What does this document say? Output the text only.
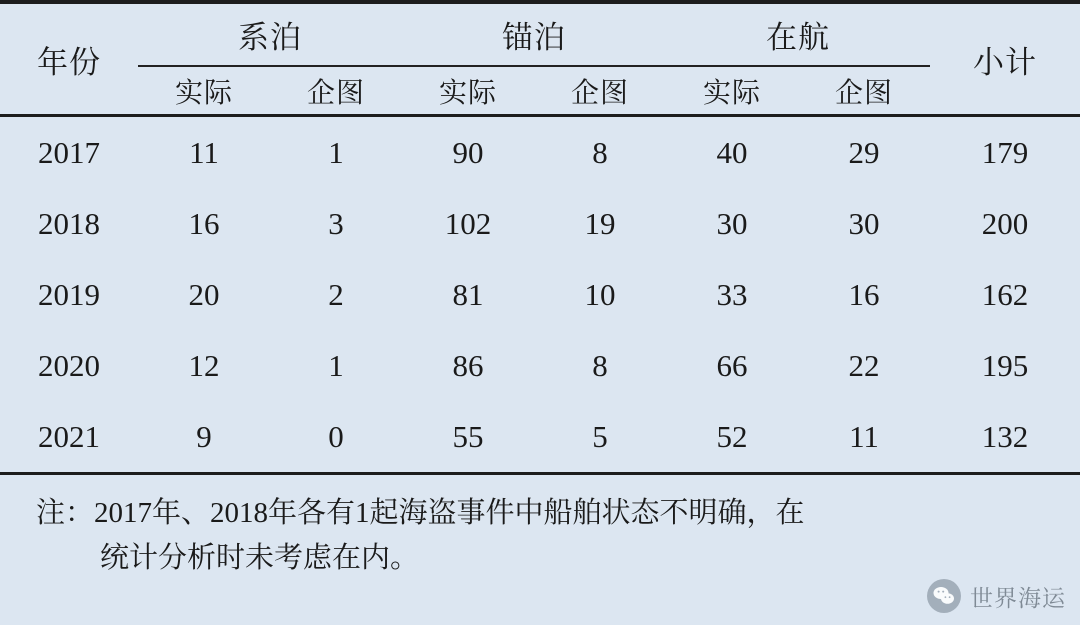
年份	系泊		锚泊		在航		小计
	实际	企图	实际	企图	实际	企图	
2017	11	1	90	8	40	29	179
2018	16	3	102	19	30	30	200
2019	20	2	81	10	33	16	162
2020	12	1	86	8	66	22	195
2021	9	0	55	5	52	11	132
注：2017年、2018年各有1起海盗事件中船舶状态不明确，在
统计分析时未考虑在内。
世界海运
